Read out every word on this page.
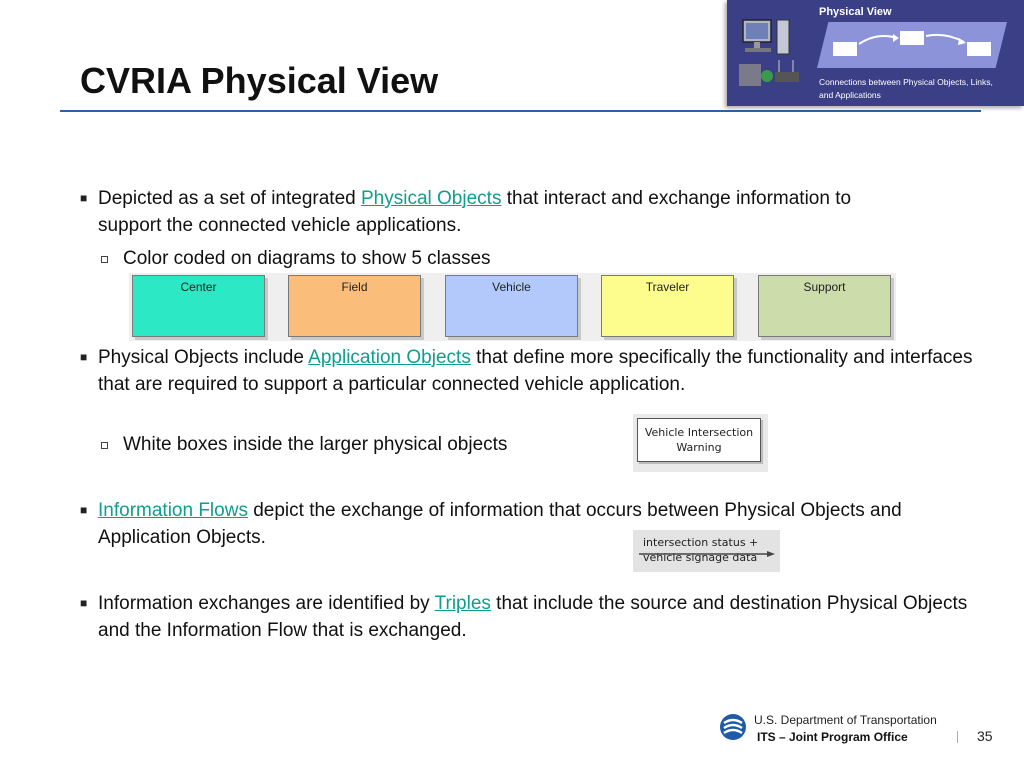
CVRIA Physical View
Physical View
Connections between Physical Objects, Links, and Applications
■ Depicted as a set of integrated Physical Objects that interact and exchange information to support the connected vehicle applications.
Color coded on diagrams to show 5 classes
Center	Field	Vehicle	Traveler	Support
■ Physical Objects include Application Objects that define more specifically the functionality and interfaces that are required to support a particular connected vehicle application.
White boxes inside the larger physical objects
Vehicle Intersection
Warning
■ Information Flows depict the exchange of information that occurs between Physical Objects and Application Objects.	intersection status +
vehicle signage data
■ Information exchanges are identified by Triples that include the source and destination Physical Objects and the Information Flow that is exchanged.
U.S. Department of Transportation
ITS – Joint Program Office	35
